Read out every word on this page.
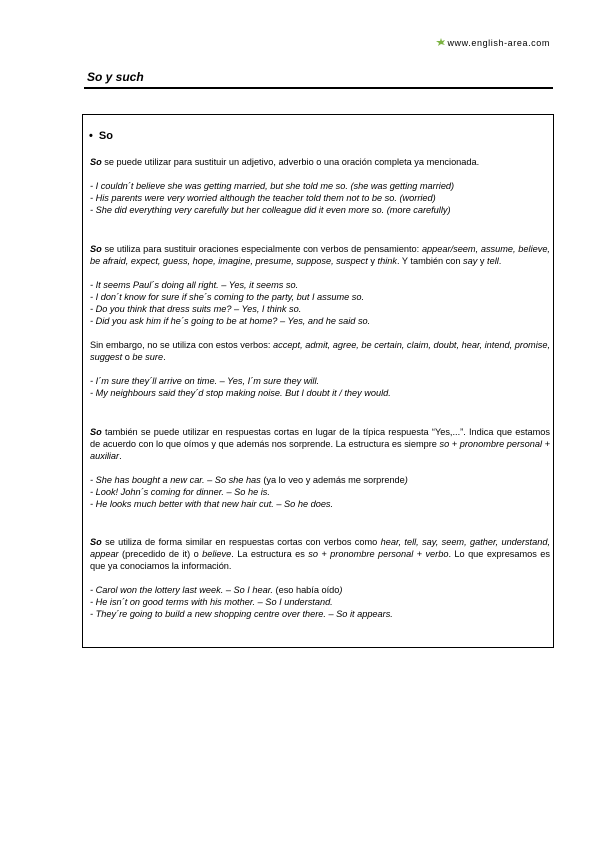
www.english-area.com
So y such
• So

So se puede utilizar para sustituir un adjetivo, adverbio o una oración completa ya mencionada.

- I couldn´t believe she was getting married, but she told me so. (she was getting married)
- His parents were very worried although the teacher told them not to be so. (worried)
- She did everything very carefully but her colleague did it even more so. (more carefully)

So se utiliza para sustituir oraciones especialmente con verbos de pensamiento: appear/seem, assume, believe, be afraid, expect, guess, hope, imagine, presume, suppose, suspect y think. Y también con say y tell.

- It seems Paul´s doing all right. – Yes, it seems so.
- I don´t know for sure if she´s coming to the party, but I assume so.
- Do you think that dress suits me? – Yes, I think so.
- Did you ask him if he´s going to be at home? – Yes, and he said so.

Sin embargo, no se utiliza con estos verbos: accept, admit, agree, be certain, claim, doubt, hear, intend, promise, suggest o be sure.

- I´m sure they´ll arrive on time. – Yes, I´m sure they will.
- My neighbours said they´d stop making noise. But I doubt it / they would.

So también se puede utilizar en respuestas cortas en lugar de la típica respuesta “Yes,...”. Indica que estamos de acuerdo con lo que oímos y que además nos sorprende. La estructura es siempre so + pronombre personal + auxiliar.

- She has bought a new car. – So she has (ya lo veo y además me sorprende)
- Look! John´s coming for dinner. – So he is.
- He looks much better with that new hair cut. – So he does.

So se utiliza de forma similar en respuestas cortas con verbos como hear, tell, say, seem, gather, understand, appear (precedido de it) o believe. La estructura es so + pronombre personal + verbo. Lo que expresamos es que ya conociamos la información.

- Carol won the lottery last week. – So I hear. (eso había oído)
- He isn´t on good terms with his mother. – So I understand.
- They´re going to build a new shopping centre over there. – So it appears.
